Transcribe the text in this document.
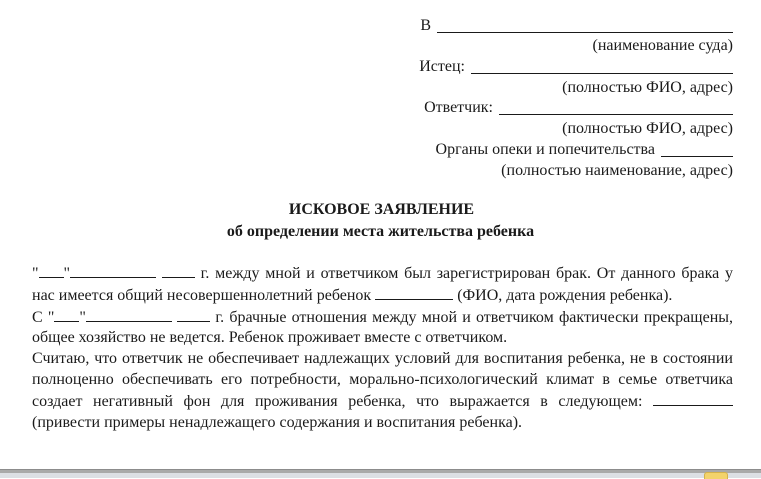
В
(наименование суда)
Истец:
(полностью ФИО, адрес)
Ответчик:
(полностью ФИО, адрес)
Органы опеки и попечительства
(полностью наименование, адрес)
ИСКОВОЕ ЗАЯВЛЕНИЕ
об определении места жительства ребенка

" "	г. между мной и ответчиком был зарегистрирован брак. От данного брака у нас имеется общий несовершеннолетний ребенок	(ФИО, дата рождения ребенка).

С " "	г. брачные отношения между мной и ответчиком фактически прекращены, общее хозяйство не ведется. Ребенок проживает вместе с ответчиком.

Считаю, что ответчик не обеспечивает надлежащих условий для воспитания ребенка, не в состоянии полноценно обеспечивать его потребности, морально-психологический климат в семье ответчика создает негативный фон для проживания ребенка, что выражается в следующем:  (привести примеры ненадлежащего содержания и воспитания ребенка).
